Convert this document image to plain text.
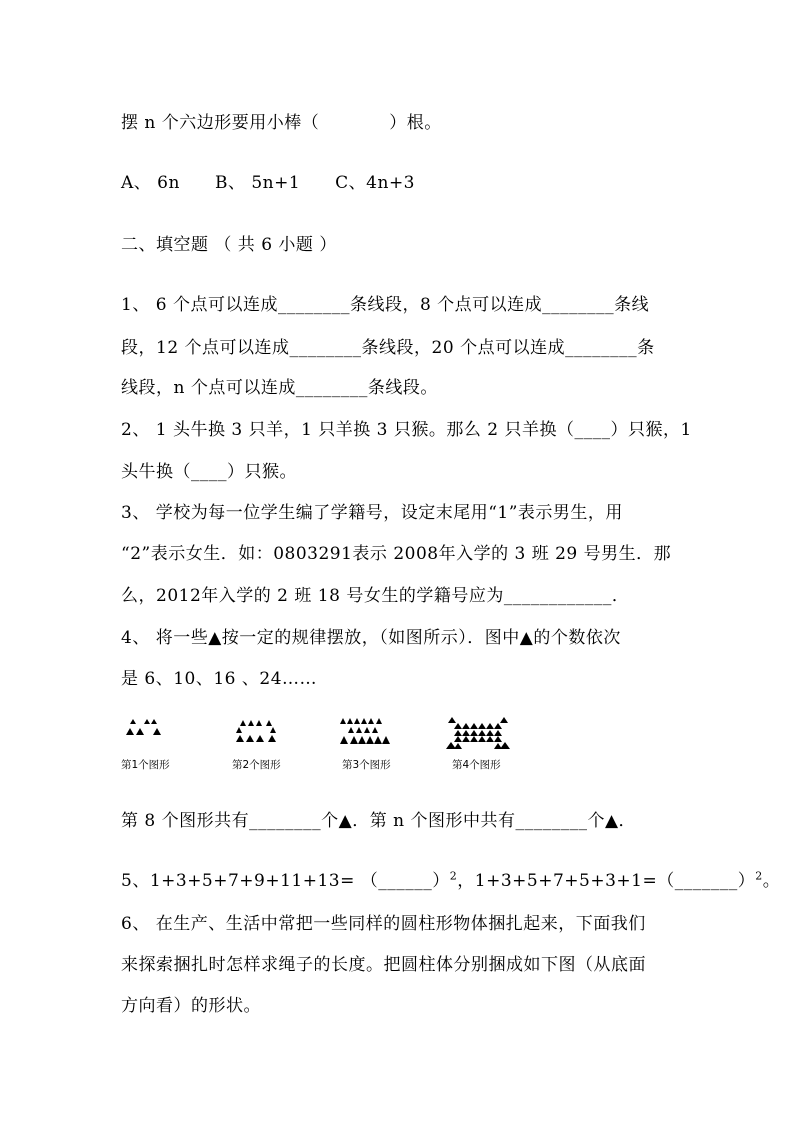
摆 n 个六边形要用小棒（　　　　）根。
A、 6n　　B、 5n+1　　C、4n+3
二、填空题 （ 共 6 小题 ）
1、 6 个点可以连成________条线段，8 个点可以连成________条线
段，12 个点可以连成________条线段，20 个点可以连成________条
线段，n 个点可以连成________条线段。
2、 1 头牛换 3 只羊，1 只羊换 3 只猴。那么 2 只羊换（____）只猴，1
头牛换（____）只猴。
3、 学校为每一位学生编了学籍号，设定末尾用“1”表示男生，用
“2”表示女生．如：0803291表示 2008年入学的 3 班 29 号男生．那
么，2012年入学的 2 班 18 号女生的学籍号应为____________．
4、 将一些▲按一定的规律摆放，（如图所示）．图中▲的个数依次
是 6、10、16 、24……
第1个图形	第2个图形	第3个图形	第4个图形
第 8 个图形共有________个▲．第 n 个图形中共有________个▲．
5、1+3+5+7+9+11+13= （______）$^2$，1+3+5+7+5+3+1=（_______）$^2$。
6、 在生产、生活中常把一些同样的圆柱形物体捆扎起来，下面我们
来探索捆扎时怎样求绳子的长度。把圆柱体分别捆成如下图（从底面
方向看）的形状。
